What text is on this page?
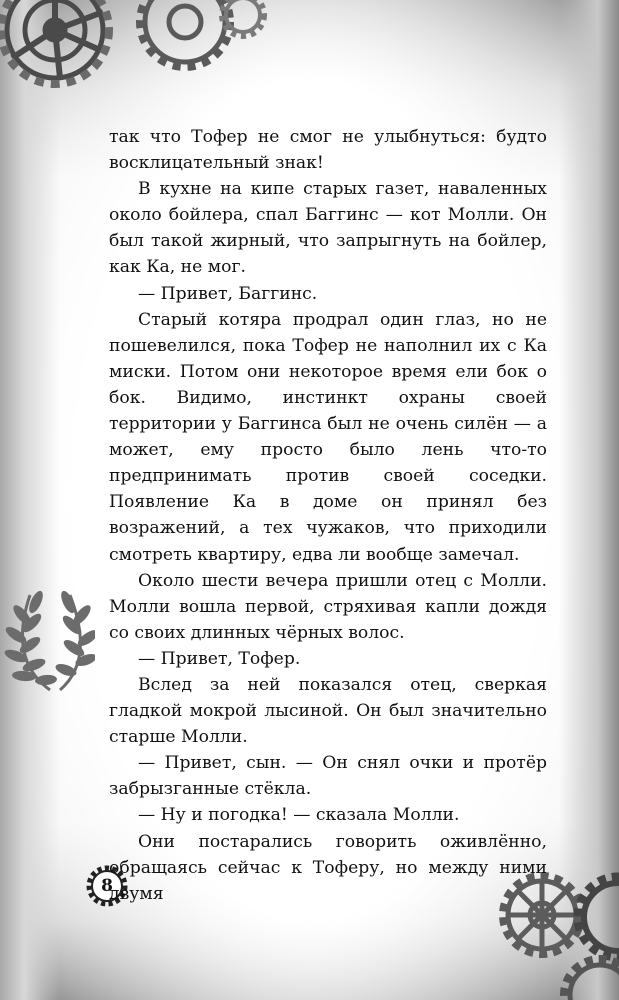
8

так что Тофер не смог не улыбнуться: будто восклицательный знак!

В кухне на кипе старых газет, наваленных около бойлера, спал Баггинс — кот Молли. Он был такой жирный, что запрыгнуть на бойлер, как Ка, не мог.

— Привет, Баггинс.

Старый котяра продрал один глаз, но не пошевелился, пока Тофер не наполнил их с Ка миски. Потом они некоторое время ели бок о бок. Видимо, инстинкт охраны своей территории у Баггинса был не очень силён — а может, ему просто было лень что-то предпринимать против своей соседки. Появление Ка в доме он принял без возражений, а тех чужаков, что приходили смотреть квартиру, едва ли вообще замечал.

Около шести вечера пришли отец с Молли. Молли вошла первой, стряхивая капли дождя со своих длинных чёрных волос.

— Привет, Тофер.

Вслед за ней показался отец, сверкая гладкой мокрой лысиной. Он был значительно старше Молли.

— Привет, сын. — Он снял очки и протёр забрызганные стёкла.

— Ну и погодка! — сказала Молли.

Они постарались говорить оживлённо, обращаясь сейчас к Тоферу, но между ними двумя
